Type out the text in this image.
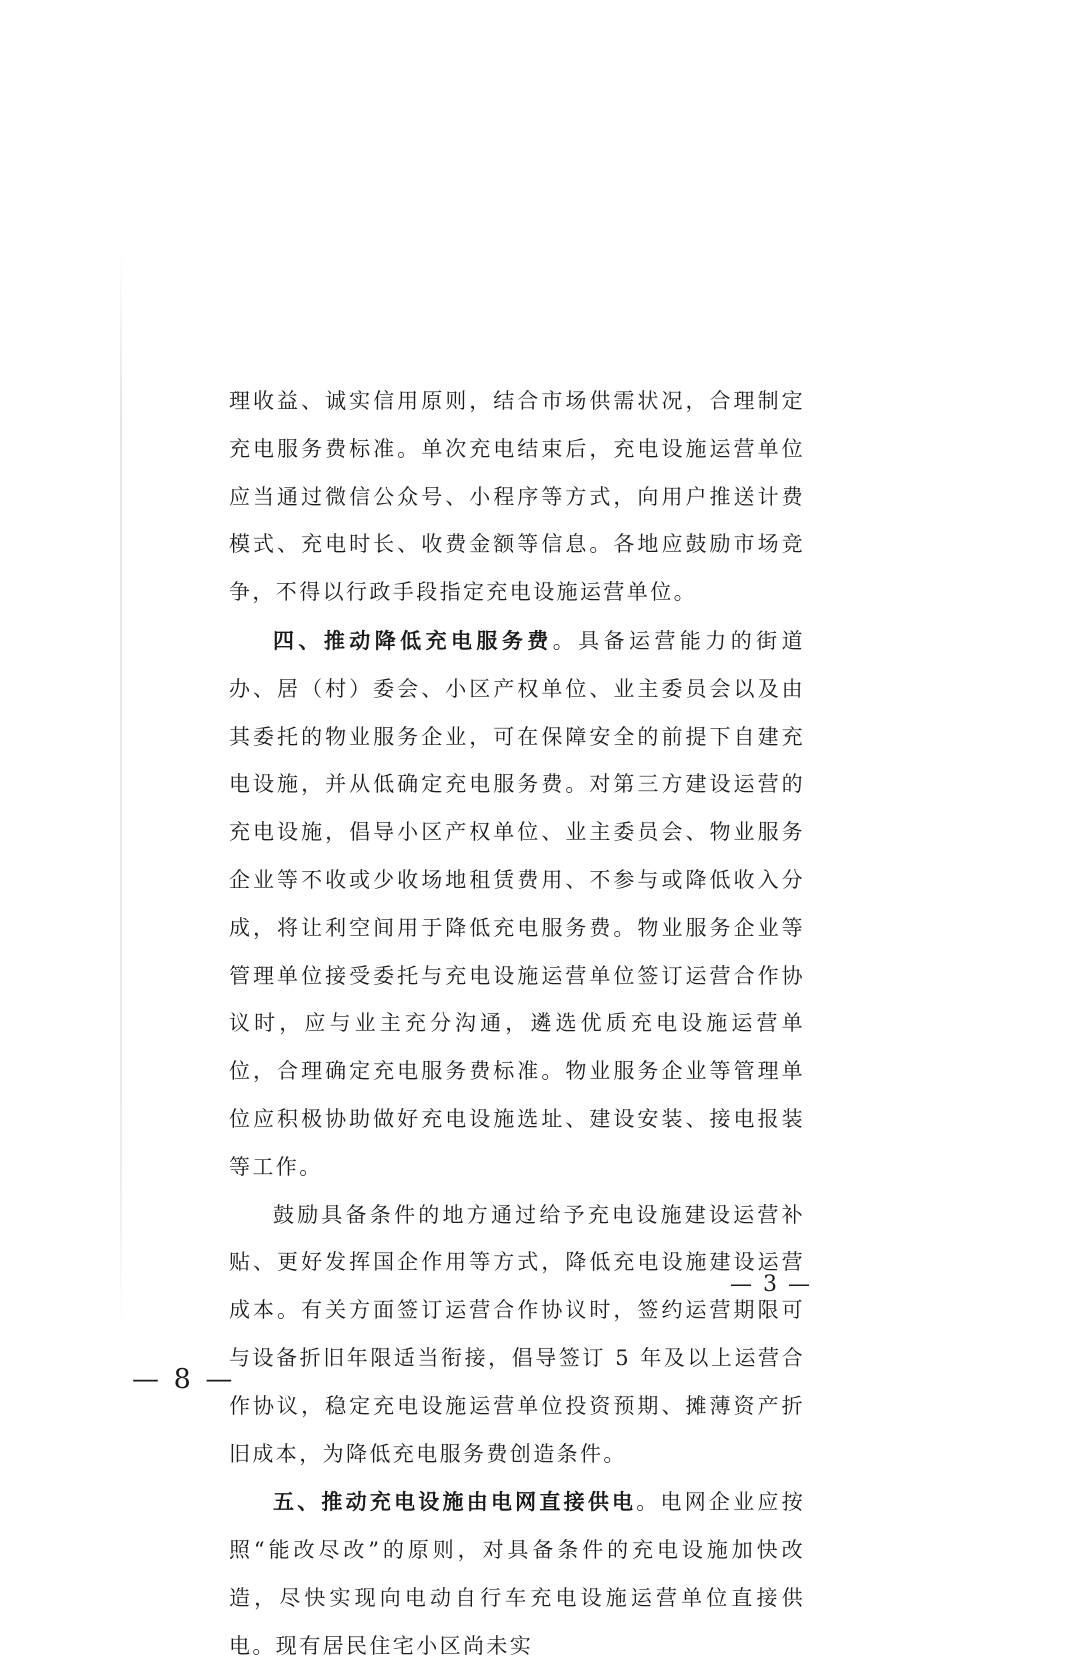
理收益、诚实信用原则，结合市场供需状况，合理制定充电服务费标准。单次充电结束后，充电设施运营单位应当通过微信公众号、小程序等方式，向用户推送计费模式、充电时长、收费金额等信息。各地应鼓励市场竞争，不得以行政手段指定充电设施运营单位。

四、推动降低充电服务费。具备运营能力的街道办、居（村）委会、小区产权单位、业主委员会以及由其委托的物业服务企业，可在保障安全的前提下自建充电设施，并从低确定充电服务费。对第三方建设运营的充电设施，倡导小区产权单位、业主委员会、物业服务企业等不收或少收场地租赁费用、不参与或降低收入分成，将让利空间用于降低充电服务费。物业服务企业等管理单位接受委托与充电设施运营单位签订运营合作协议时，应与业主充分沟通，遴选优质充电设施运营单位，合理确定充电服务费标准。物业服务企业等管理单位应积极协助做好充电设施选址、建设安装、接电报装等工作。

鼓励具备条件的地方通过给予充电设施建设运营补贴、更好发挥国企作用等方式，降低充电设施建设运营成本。有关方面签订运营合作协议时，签约运营期限可与设备折旧年限适当衔接，倡导签订 5 年及以上运营合作协议，稳定充电设施运营单位投资预期、摊薄资产折旧成本，为降低充电服务费创造条件。

五、推动充电设施由电网直接供电。电网企业应按照“能改尽改”的原则，对具备条件的充电设施加快改造，尽快实现向电动自行车充电设施运营单位直接供电。现有居民住宅小区尚未实

— 3 —
— 8 —
